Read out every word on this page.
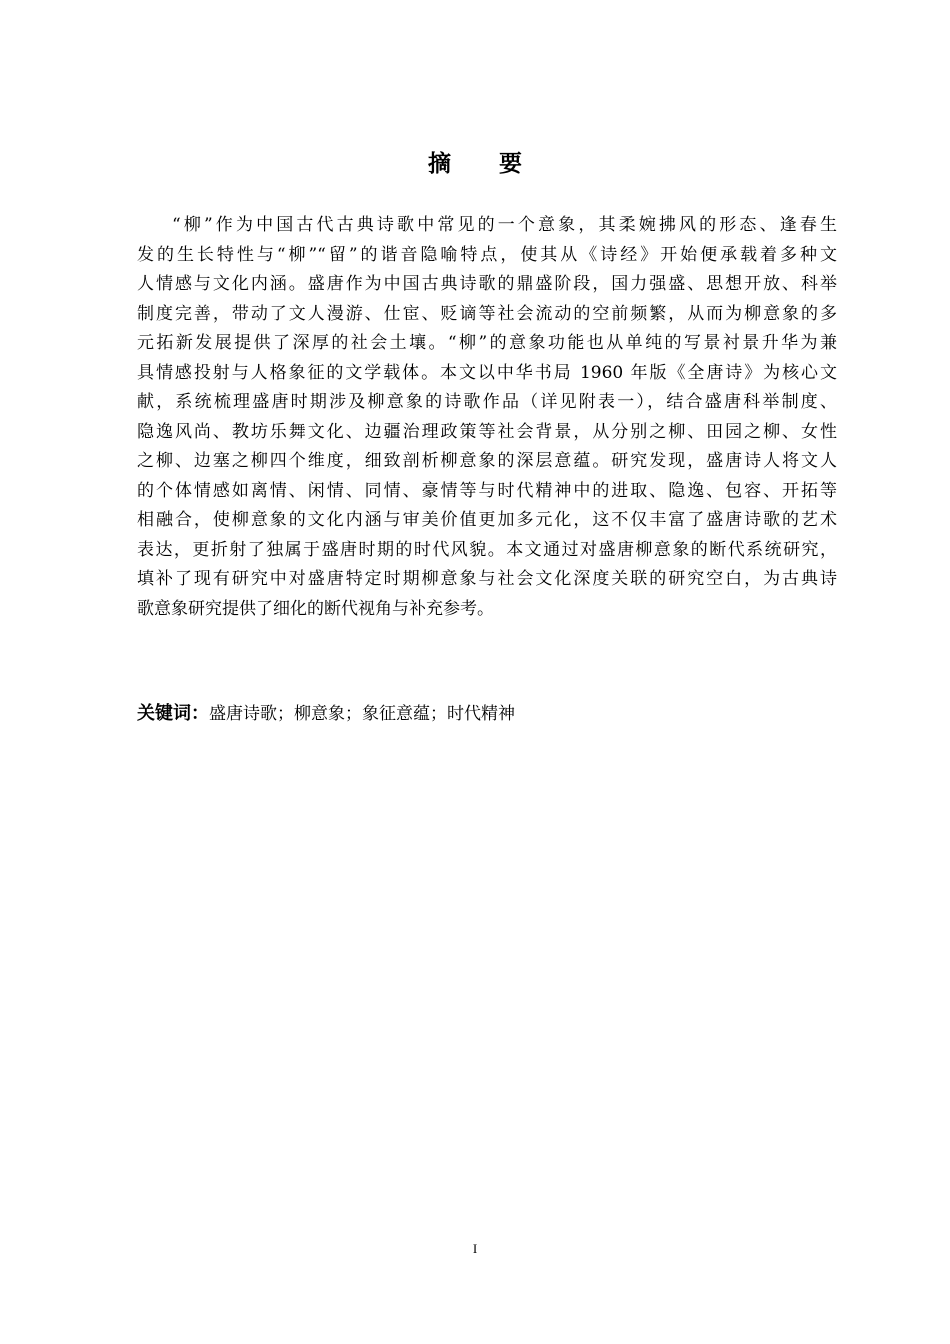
摘 要
“柳”作为中国古代古典诗歌中常见的一个意象，其柔婉拂风的形态、逢春生
发的生长特性与“柳”“留”的谐音隐喻特点，使其从《诗经》开始便承载着多种文
人情感与文化内涵。盛唐作为中国古典诗歌的鼎盛阶段，国力强盛、思想开放、科举
制度完善，带动了文人漫游、仕宦、贬谪等社会流动的空前频繁，从而为柳意象的多
元拓新发展提供了深厚的社会土壤。“柳”的意象功能也从单纯的写景衬景升华为兼
具情感投射与人格象征的文学载体。本文以中华书局 1960 年版《全唐诗》为核心文
献，系统梳理盛唐时期涉及柳意象的诗歌作品（详见附表一），结合盛唐科举制度、
隐逸风尚、教坊乐舞文化、边疆治理政策等社会背景，从分别之柳、田园之柳、女性
之柳、边塞之柳四个维度，细致剖析柳意象的深层意蕴。研究发现，盛唐诗人将文人
的个体情感如离情、闲情、同情、豪情等与时代精神中的进取、隐逸、包容、开拓等
相融合，使柳意象的文化内涵与审美价值更加多元化，这不仅丰富了盛唐诗歌的艺术
表达，更折射了独属于盛唐时期的时代风貌。本文通过对盛唐柳意象的断代系统研究，
填补了现有研究中对盛唐特定时期柳意象与社会文化深度关联的研究空白，为古典诗
歌意象研究提供了细化的断代视角与补充参考。
关键词：盛唐诗歌；柳意象；象征意蕴；时代精神
I
